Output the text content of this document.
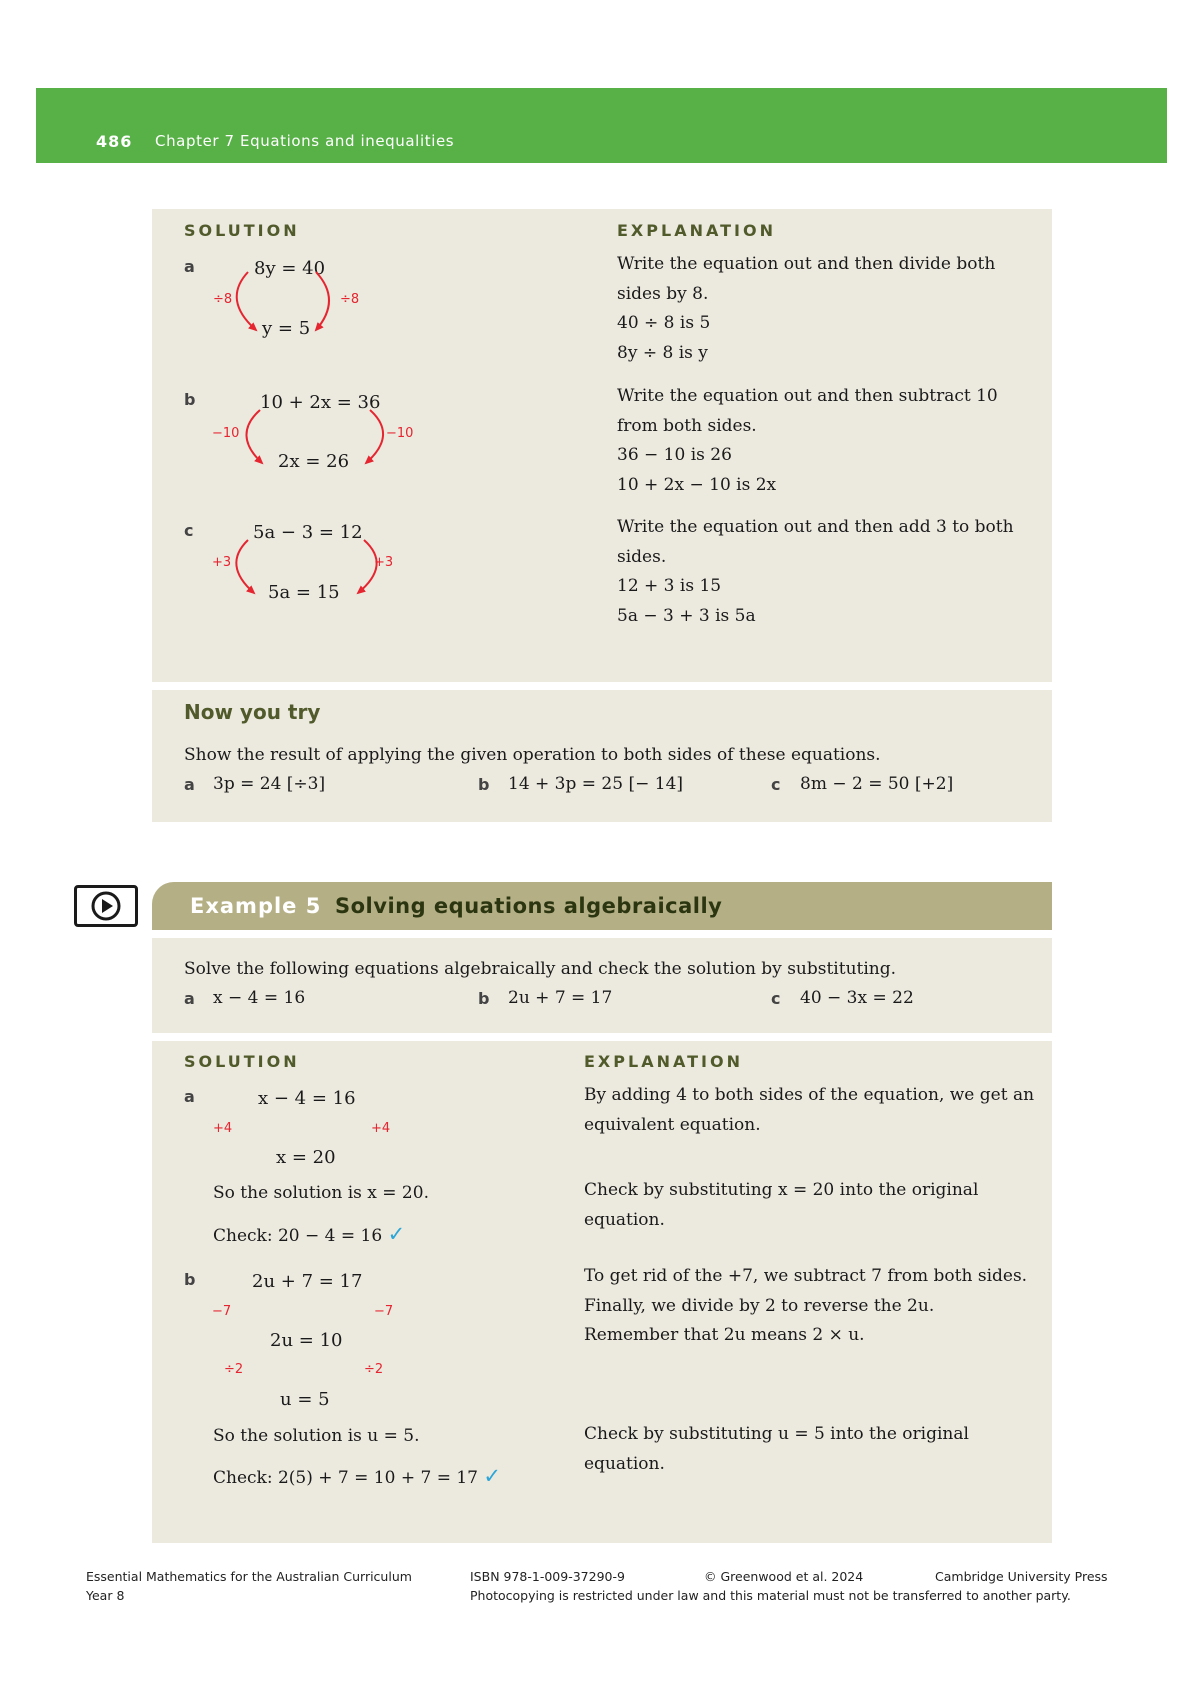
486 Chapter 7 Equations and inequalities
SOLUTION	EXPLANATION
a	8y = 40
y = 5
÷8	÷8
Write the equation out and then divide both
sides by 8.
40 ÷ 8 is 5
8y ÷ 8 is y
b	10 + 2x = 36
2x = 26
−10	−10
Write the equation out and then subtract 10
from both sides.
36 − 10 is 26
10 + 2x − 10 is 2x
c	5a − 3 = 12
5a = 15
+3	+3
Write the equation out and then add 3 to both
sides.
12 + 3 is 15
5a − 3 + 3 is 5a
Now you try
Show the result of applying the given operation to both sides of these equations.
a 3p = 24 [÷3]	b 14 + 3p = 25 [− 14]	c 8m − 2 = 50 [+2]
Example 5 Solving equations algebraically
Solve the following equations algebraically and check the solution by substituting.
a x − 4 = 16	b 2u + 7 = 17	c 40 − 3x = 22
SOLUTION	EXPLANATION
a	x − 4 = 16
x = 20
+4	+4
So the solution is x = 20.
Check: 20 − 4 = 16 ✓
By adding 4 to both sides of the equation, we get an
equivalent equation.
Check by substituting x = 20 into the original
equation.
b	2u + 7 = 17
2u = 10
u = 5
−7	−7
÷2	÷2
So the solution is u = 5.
Check: 2(5) + 7 = 10 + 7 = 17 ✓
To get rid of the +7, we subtract 7 from both sides.
Finally, we divide by 2 to reverse the 2u.
Remember that 2u means 2 × u.
Check by substituting u = 5 into the original
equation.
Essential Mathematics for the Australian Curriculum
Year 8
ISBN 978-1-009-37290-9	© Greenwood et al. 2024	Cambridge University Press
Photocopying is restricted under law and this material must not be transferred to another party.
